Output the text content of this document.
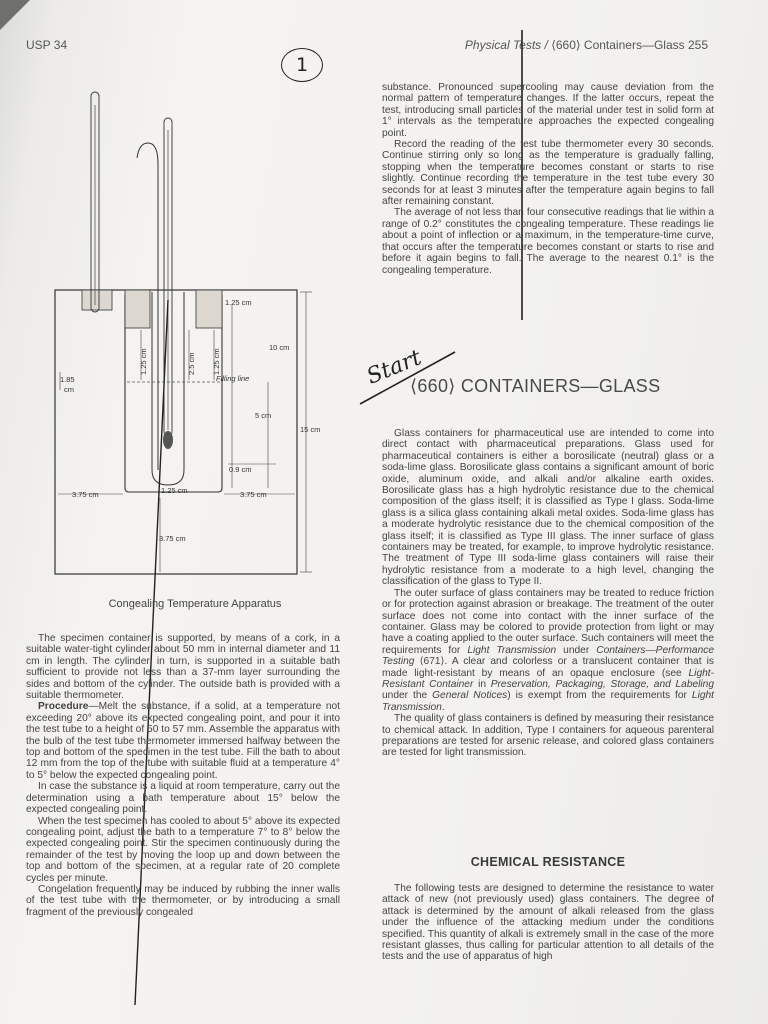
USP 34	Physical Tests / ⟨660⟩ Containers—Glass 255
1
1.25 cm
10 cm
1.85
cm
1.25 cm	2.5 cm 1.25 cm
Filling line
5 cm
15 cm
0.9 cm
3.75 cm	1.25 cm	3.75 cm
3.75 cm
Congealing Temperature Apparatus

The specimen container is supported, by means of a cork, in a suitable water-tight cylinder about 50 mm in internal diameter and 11 cm in length. The cylinder, in turn, is supported in a suitable bath sufficient to provide not less than a 37-mm layer surrounding the sides and bottom of the cylinder. The outside bath is provided with a suitable thermometer.

Procedure—Melt the substance, if a solid, at a temperature not exceeding 20° above its expected congealing point, and pour it into the test tube to a height of 50 to 57 mm. Assemble the apparatus with the bulb of the test tube thermometer immersed halfway between the top and bottom of the specimen in the test tube. Fill the bath to about 12 mm from the top of the tube with suitable fluid at a temperature 4° to 5° below the expected congealing point.

In case the substance is a liquid at room temperature, carry out the determination using a bath temperature about 15° below the expected congealing point.

When the test specimen has cooled to about 5° above its expected congealing point, adjust the bath to a temperature 7° to 8° below the expected congealing point. Stir the specimen continuously during the remainder of the test by moving the loop up and down between the top and bottom of the specimen, at a regular rate of 20 complete cycles per minute.

Congelation frequently may be induced by rubbing the inner walls of the test tube with the thermometer, or by introducing a small fragment of the previously congealed

substance. Pronounced supercooling may cause deviation from the normal pattern of temperature changes. If the latter occurs, repeat the test, introducing small particles of the material under test in solid form at 1° intervals as the temperature approaches the expected congealing point.

Record the reading of the test tube thermometer every 30 seconds. Continue stirring only so long as the temperature is gradually falling, stopping when the temperature becomes constant or starts to rise slightly. Continue recording the temperature in the test tube every 30 seconds for at least 3 minutes after the temperature again begins to fall after remaining constant.

The average of not less than four consecutive readings that lie within a range of 0.2° constitutes the congealing temperature. These readings lie about a point of inflection or a maximum, in the temperature-time curve, that occurs after the temperature becomes constant or starts to rise and before it again begins to fall. The average to the nearest 0.1° is the congealing temperature.

Start
⟨660⟩ CONTAINERS—GLASS

Glass containers for pharmaceutical use are intended to come into direct contact with pharmaceutical preparations. Glass used for pharmaceutical containers is either a borosilicate (neutral) glass or a soda-lime glass. Borosilicate glass contains a significant amount of boric oxide, aluminum oxide, and alkali and/or alkaline earth oxides. Borosilicate glass has a high hydrolytic resistance due to the chemical composition of the glass itself; it is classified as Type I glass. Soda-lime glass is a silica glass containing alkali metal oxides. Soda-lime glass has a moderate hydrolytic resistance due to the chemical composition of the glass itself; it is classified as Type III glass. The inner surface of glass containers may be treated, for example, to improve hydrolytic resistance. The treatment of Type III soda-lime glass containers will raise their hydrolytic resistance from a moderate to a high level, changing the classification of the glass to Type II.

The outer surface of glass containers may be treated to reduce friction or for protection against abrasion or breakage. The treatment of the outer surface does not come into contact with the inner surface of the container. Glass may be colored to provide protection from light or may have a coating applied to the outer surface. Such containers will meet the requirements for Light Transmission under Containers—Performance Testing ⟨671⟩. A clear and colorless or a translucent container that is made light-resistant by means of an opaque enclosure (see Light-Resistant Container in Preservation, Packaging, Storage, and Labeling under the General Notices) is exempt from the requirements for Light Transmission.

The quality of glass containers is defined by measuring their resistance to chemical attack. In addition, Type I containers for aqueous parenteral preparations are tested for arsenic release, and colored glass containers are tested for light transmission.

CHEMICAL RESISTANCE

The following tests are designed to determine the resistance to water attack of new (not previously used) glass containers. The degree of attack is determined by the amount of alkali released from the glass under the influence of the attacking medium under the conditions specified. This quantity of alkali is extremely small in the case of the more resistant glasses, thus calling for particular attention to all details of the tests and the use of apparatus of high
